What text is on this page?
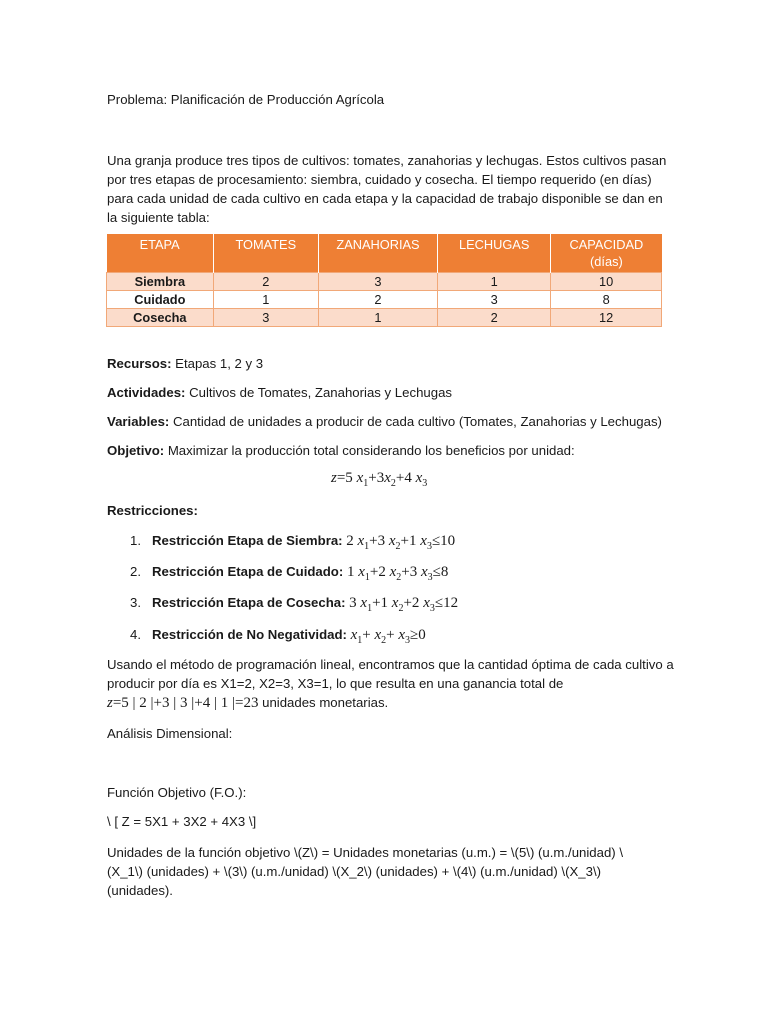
Problema: Planificación de Producción Agrícola

Una granja produce tres tipos de cultivos: tomates, zanahorias y lechugas. Estos cultivos pasan por tres etapas de procesamiento: siembra, cuidado y cosecha. El tiempo requerido (en días) para cada unidad de cada cultivo en cada etapa y la capacidad de trabajo disponible se dan en la siguiente tabla:

ETAPA	TOMATES	ZANAHORIAS	LECHUGAS	CAPACIDAD (días)
Siembra	2	3	1	10
Cuidado	1	2	3	8
Cosecha	3	1	2	12

Recursos: Etapas 1, 2 y 3

Actividades: Cultivos de Tomates, Zanahorias y Lechugas

Variables: Cantidad de unidades a producir de cada cultivo (Tomates, Zanahorias y Lechugas)

Objetivo: Maximizar la producción total considerando los beneficios por unidad:

z=5 $x_1+3x_2+4$ $x_3$

Restricciones:

1. Restricción Etapa de Siembra: 2 $x_1+3$ $x_2+1$ $x_3\le 10$
2. Restricción Etapa de Cuidado: 1 $x_1+2$ $x_2+3$ $x_3\le 8$
3. Restricción Etapa de Cosecha: 3 $x_1+1$ $x_2+2$ $x_3\le 12$
4. Restricción de No Negatividad: $x_1+ x_2+ x_3\ge 0$

Usando el método de programación lineal, encontramos que la cantidad óptima de cada cultivo a

producir por día es X1=2, X2=3, X3=1, lo que resulta en una ganancia total de

z=5 | 2 |+3 | 3 |+4 | 1 |=23 unidades monetarias.

Análisis Dimensional:

Función Objetivo (F.O.):

\ [ Z = 5X1 + 3X2 + 4X3 \]

Unidades de la función objetivo \(Z\) = Unidades monetarias (u.m.) = \(5\) (u.m./unidad) \(X_1\) (unidades) + \(3\) (u.m./unidad) \(X_2\) (unidades) + \(4\) (u.m./unidad) \(X_3\) (unidades).
